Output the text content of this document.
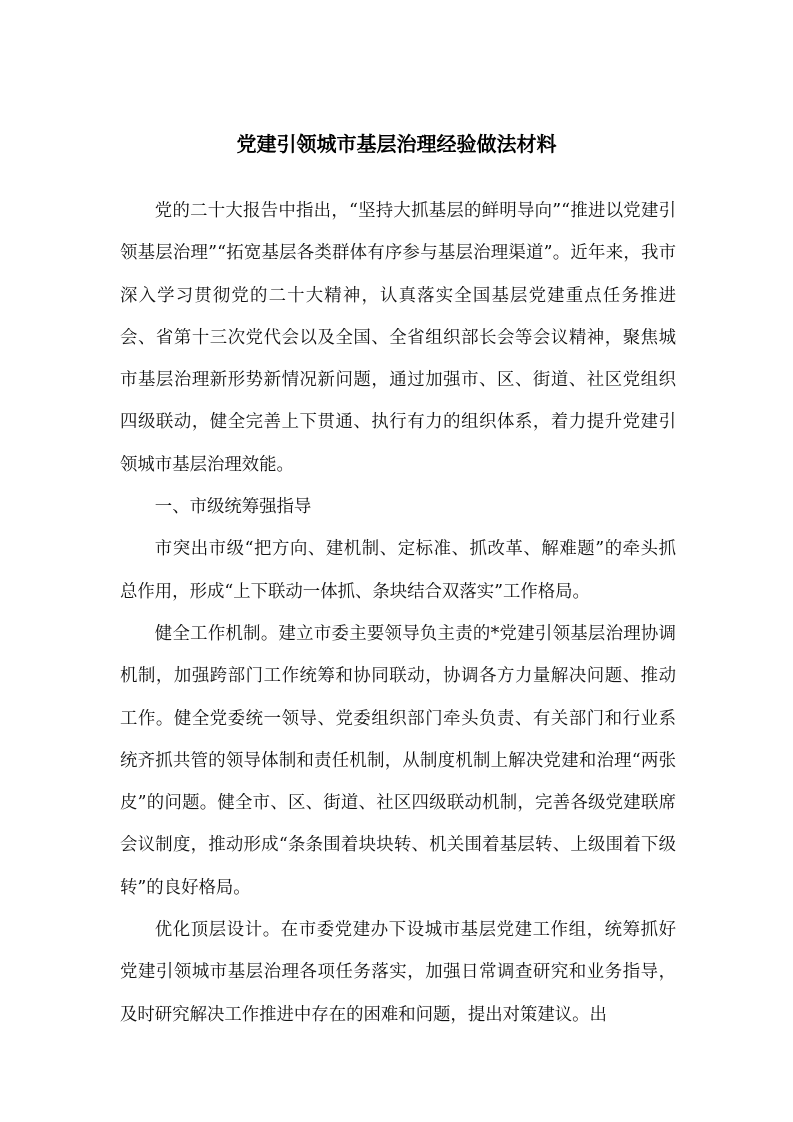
党建引领城市基层治理经验做法材料

党的二十大报告中指出，“坚持大抓基层的鲜明导向”“推进以党建引领基层治理”“拓宽基层各类群体有序参与基层治理渠道”。近年来，我市深入学习贯彻党的二十大精神，认真落实全国基层党建重点任务推进会、省第十三次党代会以及全国、全省组织部长会等会议精神，聚焦城市基层治理新形势新情况新问题，通过加强市、区、街道、社区党组织四级联动，健全完善上下贯通、执行有力的组织体系，着力提升党建引领城市基层治理效能。

一、市级统筹强指导

市突出市级“把方向、建机制、定标准、抓改革、解难题”的牵头抓总作用，形成“上下联动一体抓、条块结合双落实”工作格局。

健全工作机制。建立市委主要领导负主责的*党建引领基层治理协调机制，加强跨部门工作统筹和协同联动，协调各方力量解决问题、推动工作。健全党委统一领导、党委组织部门牵头负责、有关部门和行业系统齐抓共管的领导体制和责任机制，从制度机制上解决党建和治理“两张皮”的问题。健全市、区、街道、社区四级联动机制，完善各级党建联席会议制度，推动形成“条条围着块块转、机关围着基层转、上级围着下级转”的良好格局。

优化顶层设计。在市委党建办下设城市基层党建工作组，统筹抓好党建引领城市基层治理各项任务落实，加强日常调查研究和业务指导，及时研究解决工作推进中存在的困难和问题，提出对策建议。出
